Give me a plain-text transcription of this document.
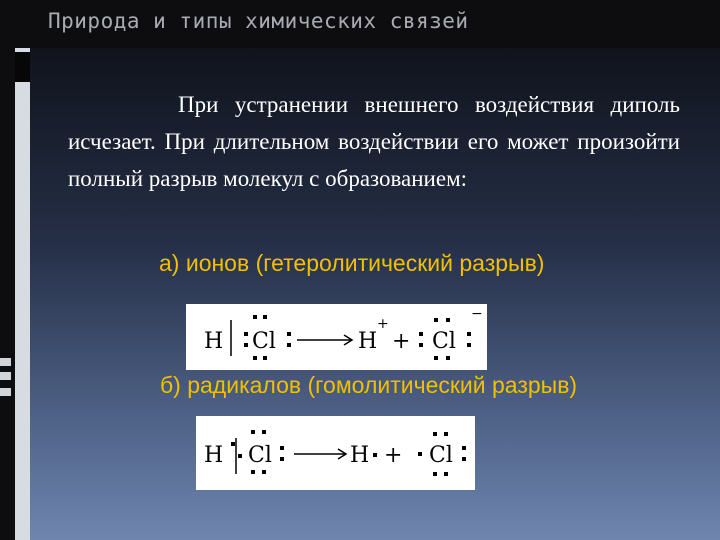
Природа и типы химических связей

При устранении внешнего воздействия диполь исчезает. При длительном воздействии его может произойти полный разрыв молекул с образованием:

а) ионов (гетеролитический разрыв)

H Cl	H
+
+ Cl
−

б) радикалов (гомолитический разрыв)

H Cl	H + Cl
